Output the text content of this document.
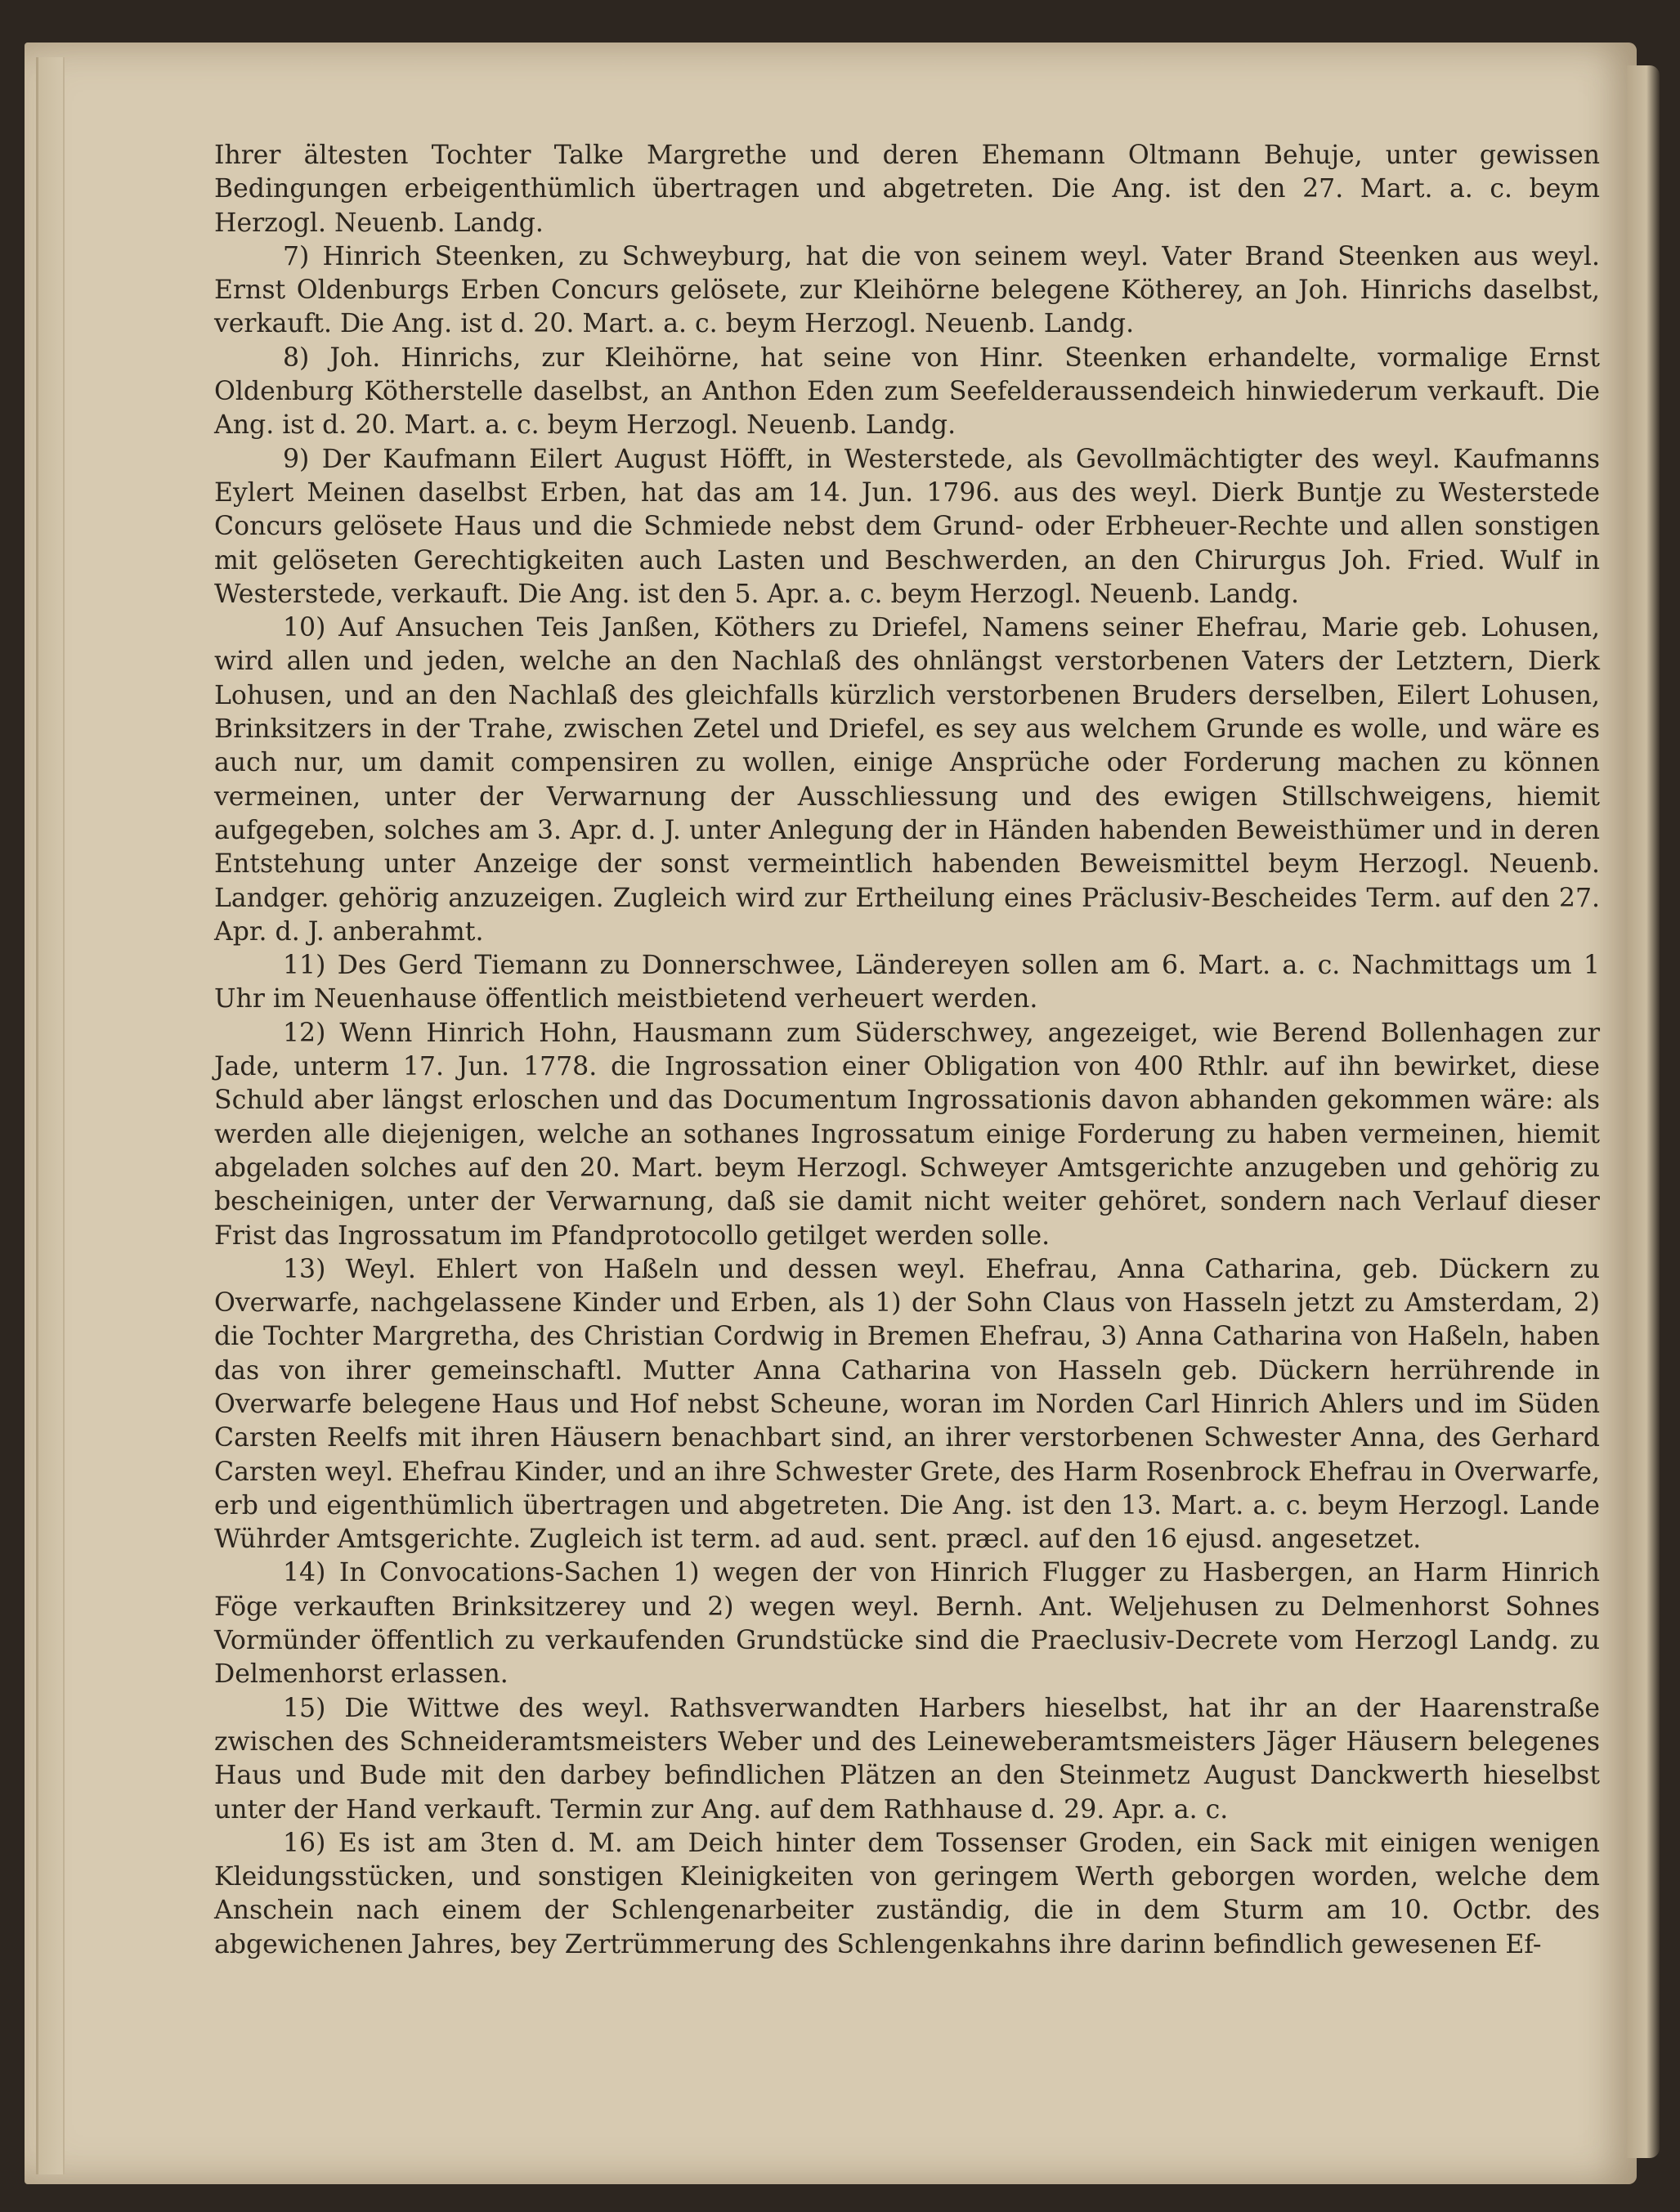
Ihrer ältesten Tochter Talke Margrethe und deren Ehemann Oltmann Behuje, unter gewissen Bedingungen erbeigenthümlich übertragen und abgetreten. Die Ang. ist den 27. Mart. a. c. beym Herzogl. Neuenb. Landg.

7) Hinrich Steenken, zu Schweyburg, hat die von seinem weyl. Vater Brand Steenken aus weyl. Ernst Oldenburgs Erben Concurs gelösete, zur Kleihörne belegene Kötherey, an Joh. Hinrichs daselbst, verkauft. Die Ang. ist d. 20. Mart. a. c. beym Herzogl. Neuenb. Landg.

8) Joh. Hinrichs, zur Kleihörne, hat seine von Hinr. Steenken erhandelte, vormalige Ernst Oldenburg Kötherstelle daselbst, an Anthon Eden zum Seefelderaussendeich hinwiederum verkauft. Die Ang. ist d. 20. Mart. a. c. beym Herzogl. Neuenb. Landg.

9) Der Kaufmann Eilert August Höfft, in Westerstede, als Gevollmächtigter des weyl. Kaufmanns Eylert Meinen daselbst Erben, hat das am 14. Jun. 1796. aus des weyl. Dierk Buntje zu Westerstede Concurs gelösete Haus und die Schmiede nebst dem Grund- oder Erbheuer-Rechte und allen sonstigen mit gelöseten Gerechtigkeiten auch Lasten und Beschwerden, an den Chirurgus Joh. Fried. Wulf in Westerstede, verkauft. Die Ang. ist den 5. Apr. a. c. beym Herzogl. Neuenb. Landg.

10) Auf Ansuchen Teis Janßen, Köthers zu Driefel, Namens seiner Ehefrau, Marie geb. Lohusen, wird allen und jeden, welche an den Nachlaß des ohnlängst verstorbenen Vaters der Letztern, Dierk Lohusen, und an den Nachlaß des gleichfalls kürzlich verstorbenen Bruders derselben, Eilert Lohusen, Brinksitzers in der Trahe, zwischen Zetel und Driefel, es sey aus welchem Grunde es wolle, und wäre es auch nur, um damit compensiren zu wollen, einige Ansprüche oder Forderung machen zu können vermeinen, unter der Verwarnung der Ausschliessung und des ewigen Stillschweigens, hiemit aufgegeben, solches am 3. Apr. d. J. unter Anlegung der in Händen habenden Beweisthümer und in deren Entstehung unter Anzeige der sonst vermeintlich habenden Beweismittel beym Herzogl. Neuenb. Landger. gehörig anzuzeigen. Zugleich wird zur Ertheilung eines Präclusiv-Bescheides Term. auf den 27. Apr. d. J. anberahmt.

11) Des Gerd Tiemann zu Donnerschwee, Ländereyen sollen am 6. Mart. a. c. Nachmittags um 1 Uhr im Neuenhause öffentlich meistbietend verheuert werden.

12) Wenn Hinrich Hohn, Hausmann zum Süderschwey, angezeiget, wie Berend Bollenhagen zur Jade, unterm 17. Jun. 1778. die Ingrossation einer Obligation von 400 Rthlr. auf ihn bewirket, diese Schuld aber längst erloschen und das Documentum Ingrossationis davon abhanden gekommen wäre: als werden alle diejenigen, welche an sothanes Ingrossatum einige Forderung zu haben vermeinen, hiemit abgeladen solches auf den 20. Mart. beym Herzogl. Schweyer Amtsgerichte anzugeben und gehörig zu bescheinigen, unter der Verwarnung, daß sie damit nicht weiter gehöret, sondern nach Verlauf dieser Frist das Ingrossatum im Pfandprotocollo getilget werden solle.

13) Weyl. Ehlert von Haßeln und dessen weyl. Ehefrau, Anna Catharina, geb. Dückern zu Overwarfe, nachgelassene Kinder und Erben, als 1) der Sohn Claus von Hasseln jetzt zu Amsterdam, 2) die Tochter Margretha, des Christian Cordwig in Bremen Ehefrau, 3) Anna Catharina von Haßeln, haben das von ihrer gemeinschaftl. Mutter Anna Catharina von Hasseln geb. Dückern herrührende in Overwarfe belegene Haus und Hof nebst Scheune, woran im Norden Carl Hinrich Ahlers und im Süden Carsten Reelfs mit ihren Häusern benachbart sind, an ihrer verstorbenen Schwester Anna, des Gerhard Carsten weyl. Ehefrau Kinder, und an ihre Schwester Grete, des Harm Rosenbrock Ehefrau in Overwarfe, erb und eigenthümlich übertragen und abgetreten. Die Ang. ist den 13. Mart. a. c. beym Herzogl. Lande Wührder Amtsgerichte. Zugleich ist term. ad aud. sent. præcl. auf den 16 ejusd. angesetzet.

14) In Convocations-Sachen 1) wegen der von Hinrich Flugger zu Hasbergen, an Harm Hinrich Föge verkauften Brinksitzerey und 2) wegen weyl. Bernh. Ant. Weljehusen zu Delmenhorst Sohnes Vormünder öffentlich zu verkaufenden Grundstücke sind die Praeclusiv-Decrete vom Herzogl Landg. zu Delmenhorst erlassen.

15) Die Wittwe des weyl. Rathsverwandten Harbers hieselbst, hat ihr an der Haarenstraße zwischen des Schneideramtsmeisters Weber und des Leineweberamtsmeisters Jäger Häusern belegenes Haus und Bude mit den darbey befindlichen Plätzen an den Steinmetz August Danckwerth hieselbst unter der Hand verkauft. Termin zur Ang. auf dem Rathhause d. 29. Apr. a. c.

16) Es ist am 3ten d. M. am Deich hinter dem Tossenser Groden, ein Sack mit einigen wenigen Kleidungsstücken, und sonstigen Kleinigkeiten von geringem Werth geborgen worden, welche dem Anschein nach einem der Schlengenarbeiter zuständig, die in dem Sturm am 10. Octbr. des abgewichenen Jahres, bey Zertrümmerung des Schlengenkahns ihre darinn befindlich gewesenen Ef-
